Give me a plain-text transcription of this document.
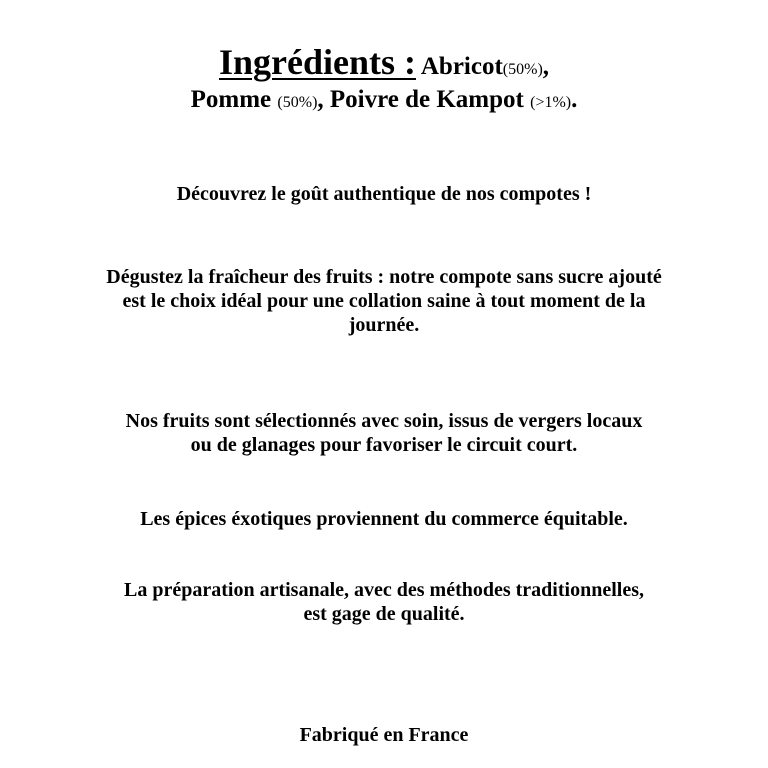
Ingrédients : Abricot(50%),
Pomme (50%), Poivre de Kampot (>1%).
Découvrez le goût authentique de nos compotes !
Dégustez la fraîcheur des fruits : notre compote sans sucre ajouté
est le choix idéal pour une collation saine à tout moment de la
journée.
Nos fruits sont sélectionnés avec soin, issus de vergers locaux
ou de glanages pour favoriser le circuit court.
Les épices éxotiques proviennent du commerce équitable.
La préparation artisanale, avec des méthodes traditionnelles,
est gage de qualité.
Fabriqué en France
